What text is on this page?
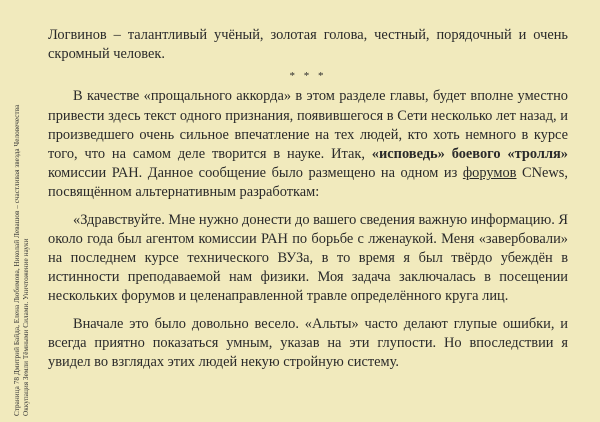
Страница 78 Дмитрий Байда, Елена Любимова, Николай Левашов – счастливая звезда Человечества Оккупация Земли Тёмными Силами. Уничтожение науки

Логвинов – талантливый учёный, золотая голова, честный, порядочный и очень скромный человек.

* * *

В качестве «прощального аккорда» в этом разделе главы, будет вполне уместно привести здесь текст одного признания, появившегося в Сети несколько лет назад, и произведшего очень сильное впечатление на тех людей, кто хоть немного в курсе того, что на самом деле творится в науке. Итак, «исповедь» боевого «тролля» комиссии РАН. Данное сообщение было размещено на одном из форумов CNews, посвящённом альтернативным разработкам:

«Здравствуйте. Мне нужно донести до вашего сведения важную информацию. Я около года был агентом комиссии РАН по борьбе с лженаукой. Меня «завербовали» на последнем курсе технического ВУЗа, в то время я был твёрдо убеждён в истинности преподаваемой нам физики. Моя задача заключалась в посещении нескольких форумов и целенаправленной травле определённого круга лиц.

Вначале это было довольно весело. «Альты» часто делают глупые ошибки, и всегда приятно показаться умным, указав на эти глупости. Но впоследствии я увидел во взглядах этих людей некую стройную систему.
